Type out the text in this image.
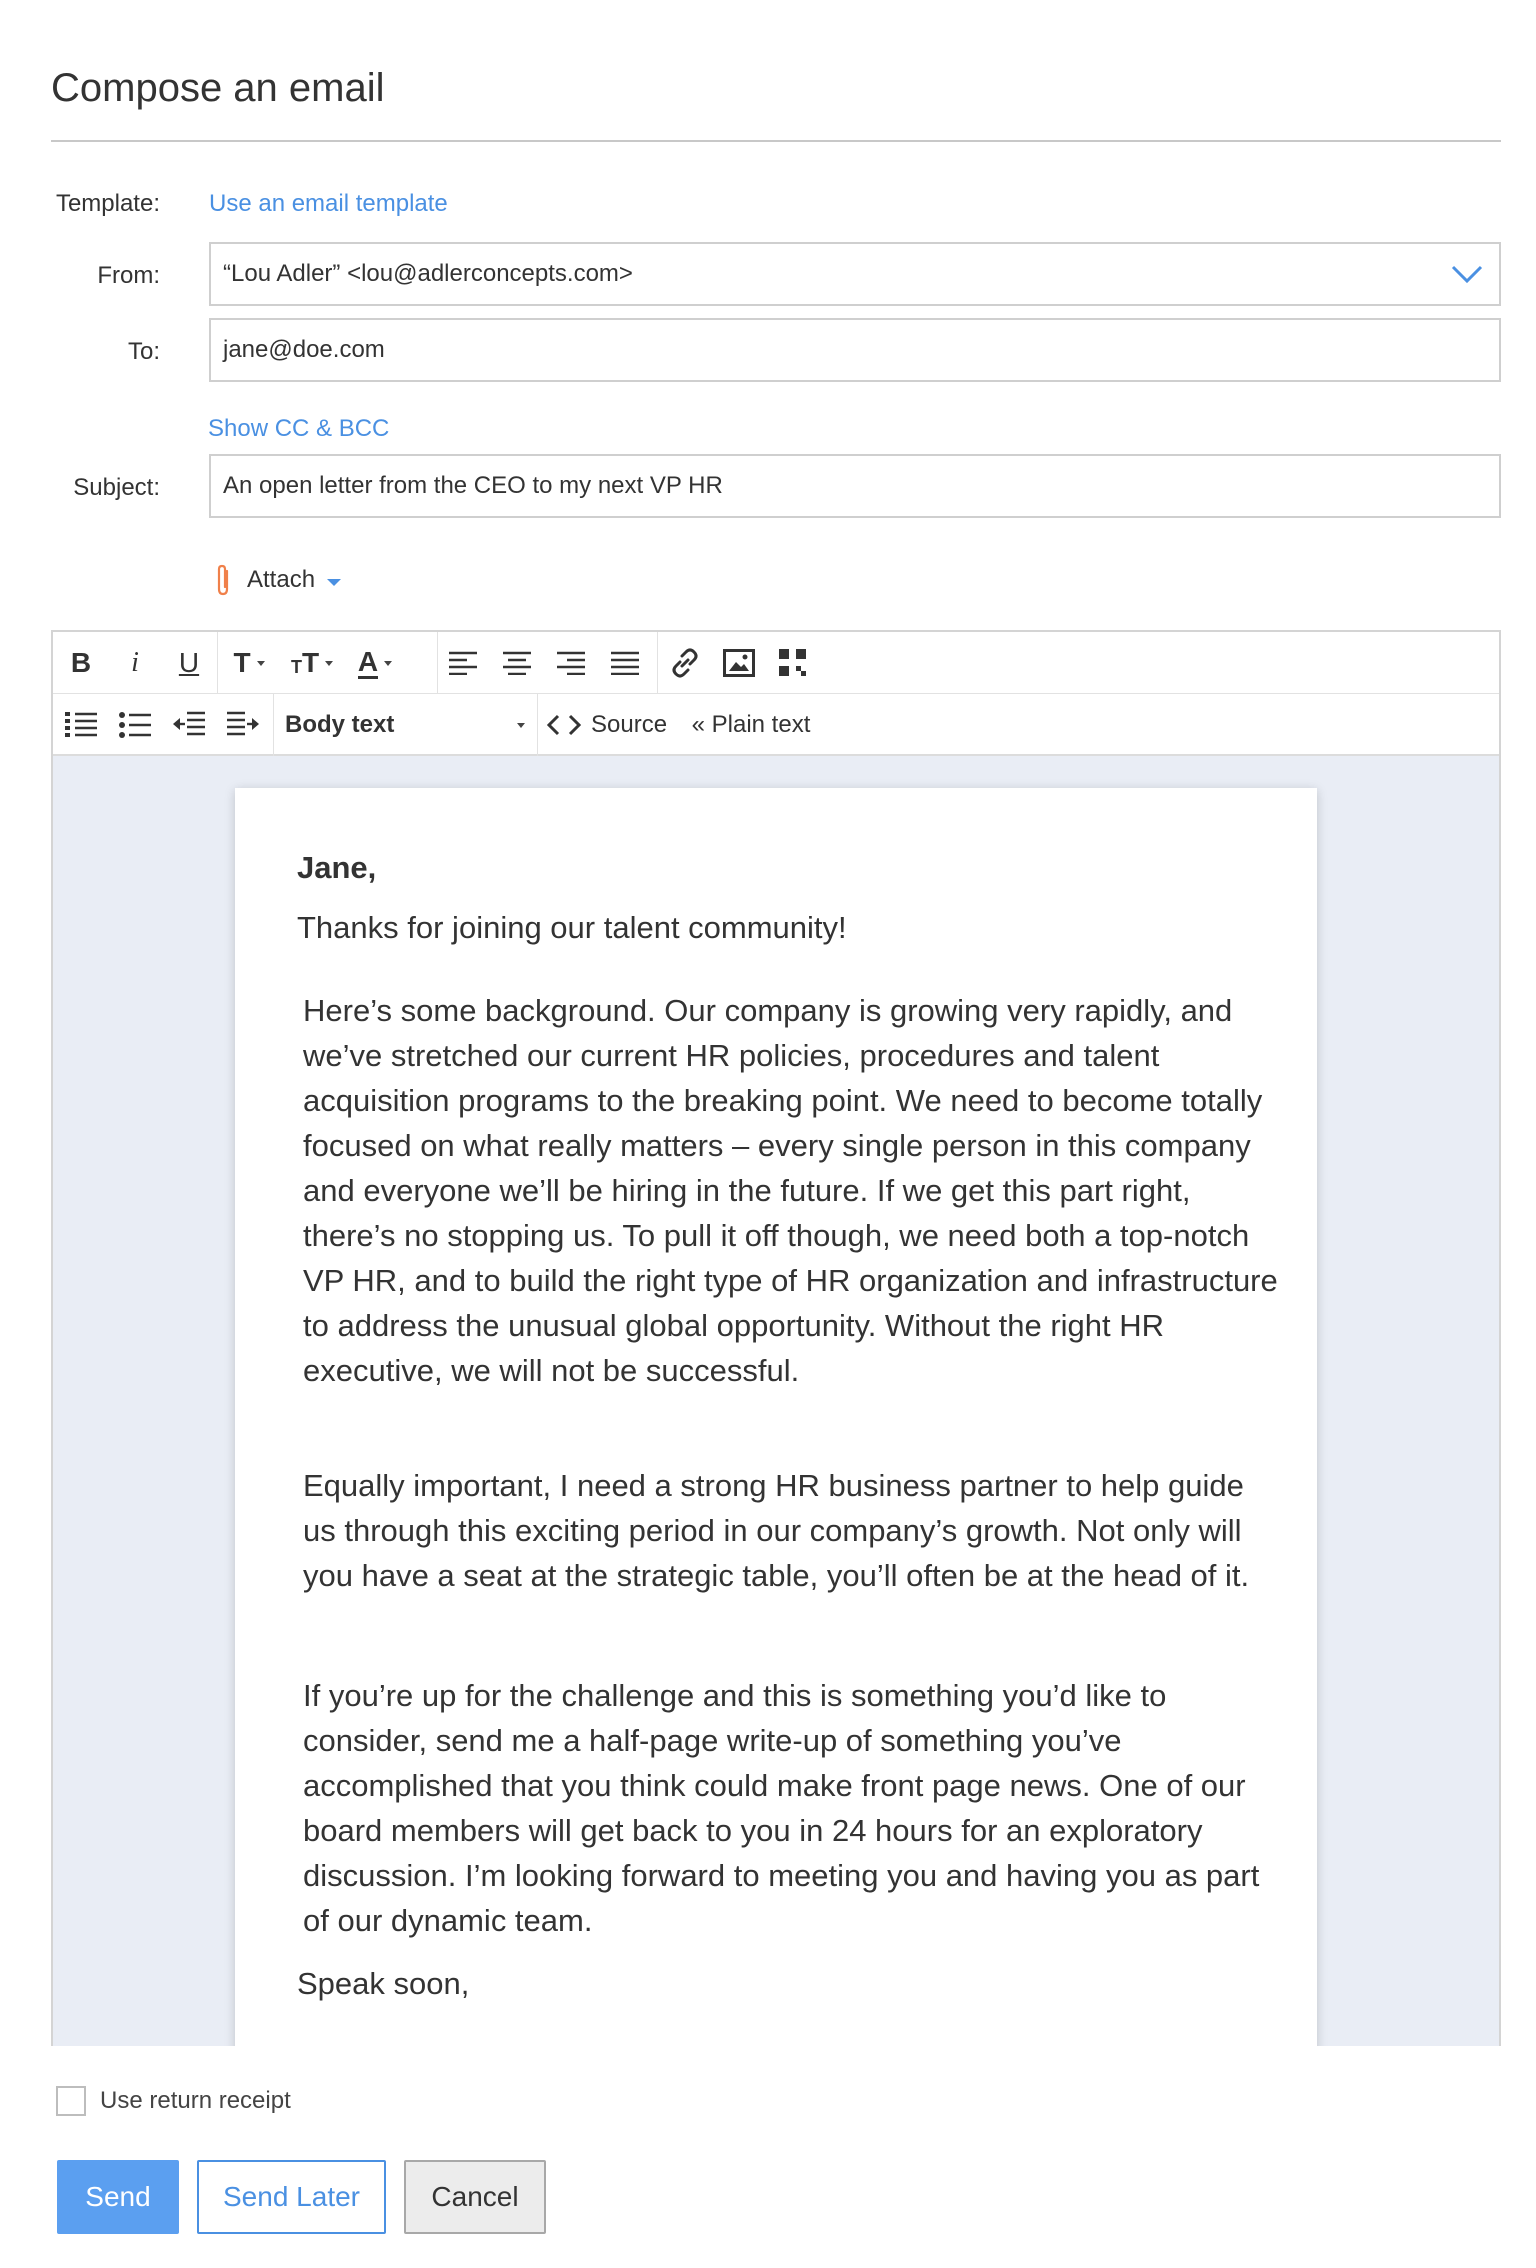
Compose an email
Template: Use an email template
From:	“Lou Adler” <lou@adlerconcepts.com>
To:	jane@doe.com
Show CC & BCC
Subject:	An open letter from the CEO to my next VP HR
Attach
B i U T T T A
Body text	Source « Plain text
Jane,
Thanks for joining our talent community!
Here’s some background. Our company is growing very rapidly, and we’ve stretched our current HR policies, procedures and talent acquisition programs to the breaking point. We need to become totally focused on what really matters – every single person in this company and everyone we’ll be hiring in the future. If we get this part right, there’s no stopping us. To pull it off though, we need both a top-notch VP HR, and to build the right type of HR organization and infrastructure to address the unusual global opportunity. Without the right HR executive, we will not be successful.
Equally important, I need a strong HR business partner to help guide us through this exciting period in our company’s growth. Not only will you have a seat at the strategic table, you’ll often be at the head of it.
If you’re up for the challenge and this is something you’d like to consider, send me a half-page write-up of something you’ve accomplished that you think could make front page news. One of our board members will get back to you in 24 hours for an exploratory discussion. I’m looking forward to meeting you and having you as part of our dynamic team.
Speak soon,
Use return receipt
Send	Send Later	Cancel
